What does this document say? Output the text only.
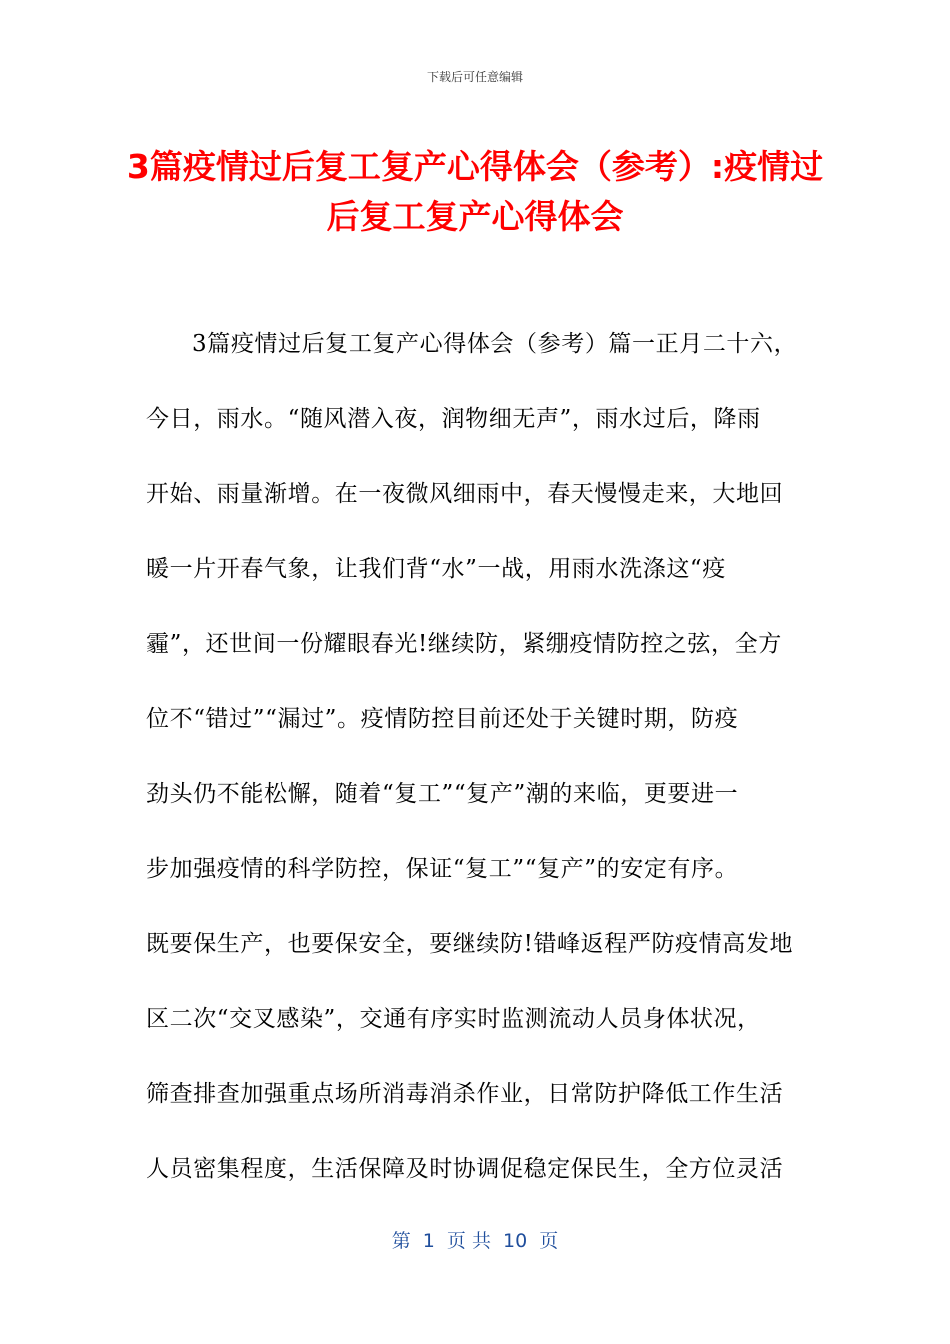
下载后可任意编辑
3篇疫情过后复工复产心得体会（参考）:疫情过后复工复产心得体会
3篇疫情过后复工复产心得体会（参考）篇一正月二十六，
今日，雨水。“随风潜入夜，润物细无声”，雨水过后，降雨
开始、雨量渐增。在一夜微风细雨中，春天慢慢走来，大地回
暖一片开春气象，让我们背“水”一战，用雨水洗涤这“疫
霾”，还世间一份耀眼春光!继续防，紧绷疫情防控之弦，全方
位不“错过”“漏过”。疫情防控目前还处于关键时期，防疫
劲头仍不能松懈，随着“复工”“复产”潮的来临，更要进一
步加强疫情的科学防控，保证“复工”“复产”的安定有序。
既要保生产，也要保安全，要继续防!错峰返程严防疫情高发地
区二次“交叉感染”，交通有序实时监测流动人员身体状况，
筛查排查加强重点场所消毒消杀作业，日常防护降低工作生活
人员密集程度，生活保障及时协调促稳定保民生，全方位灵活
第  1  页 共  10  页
